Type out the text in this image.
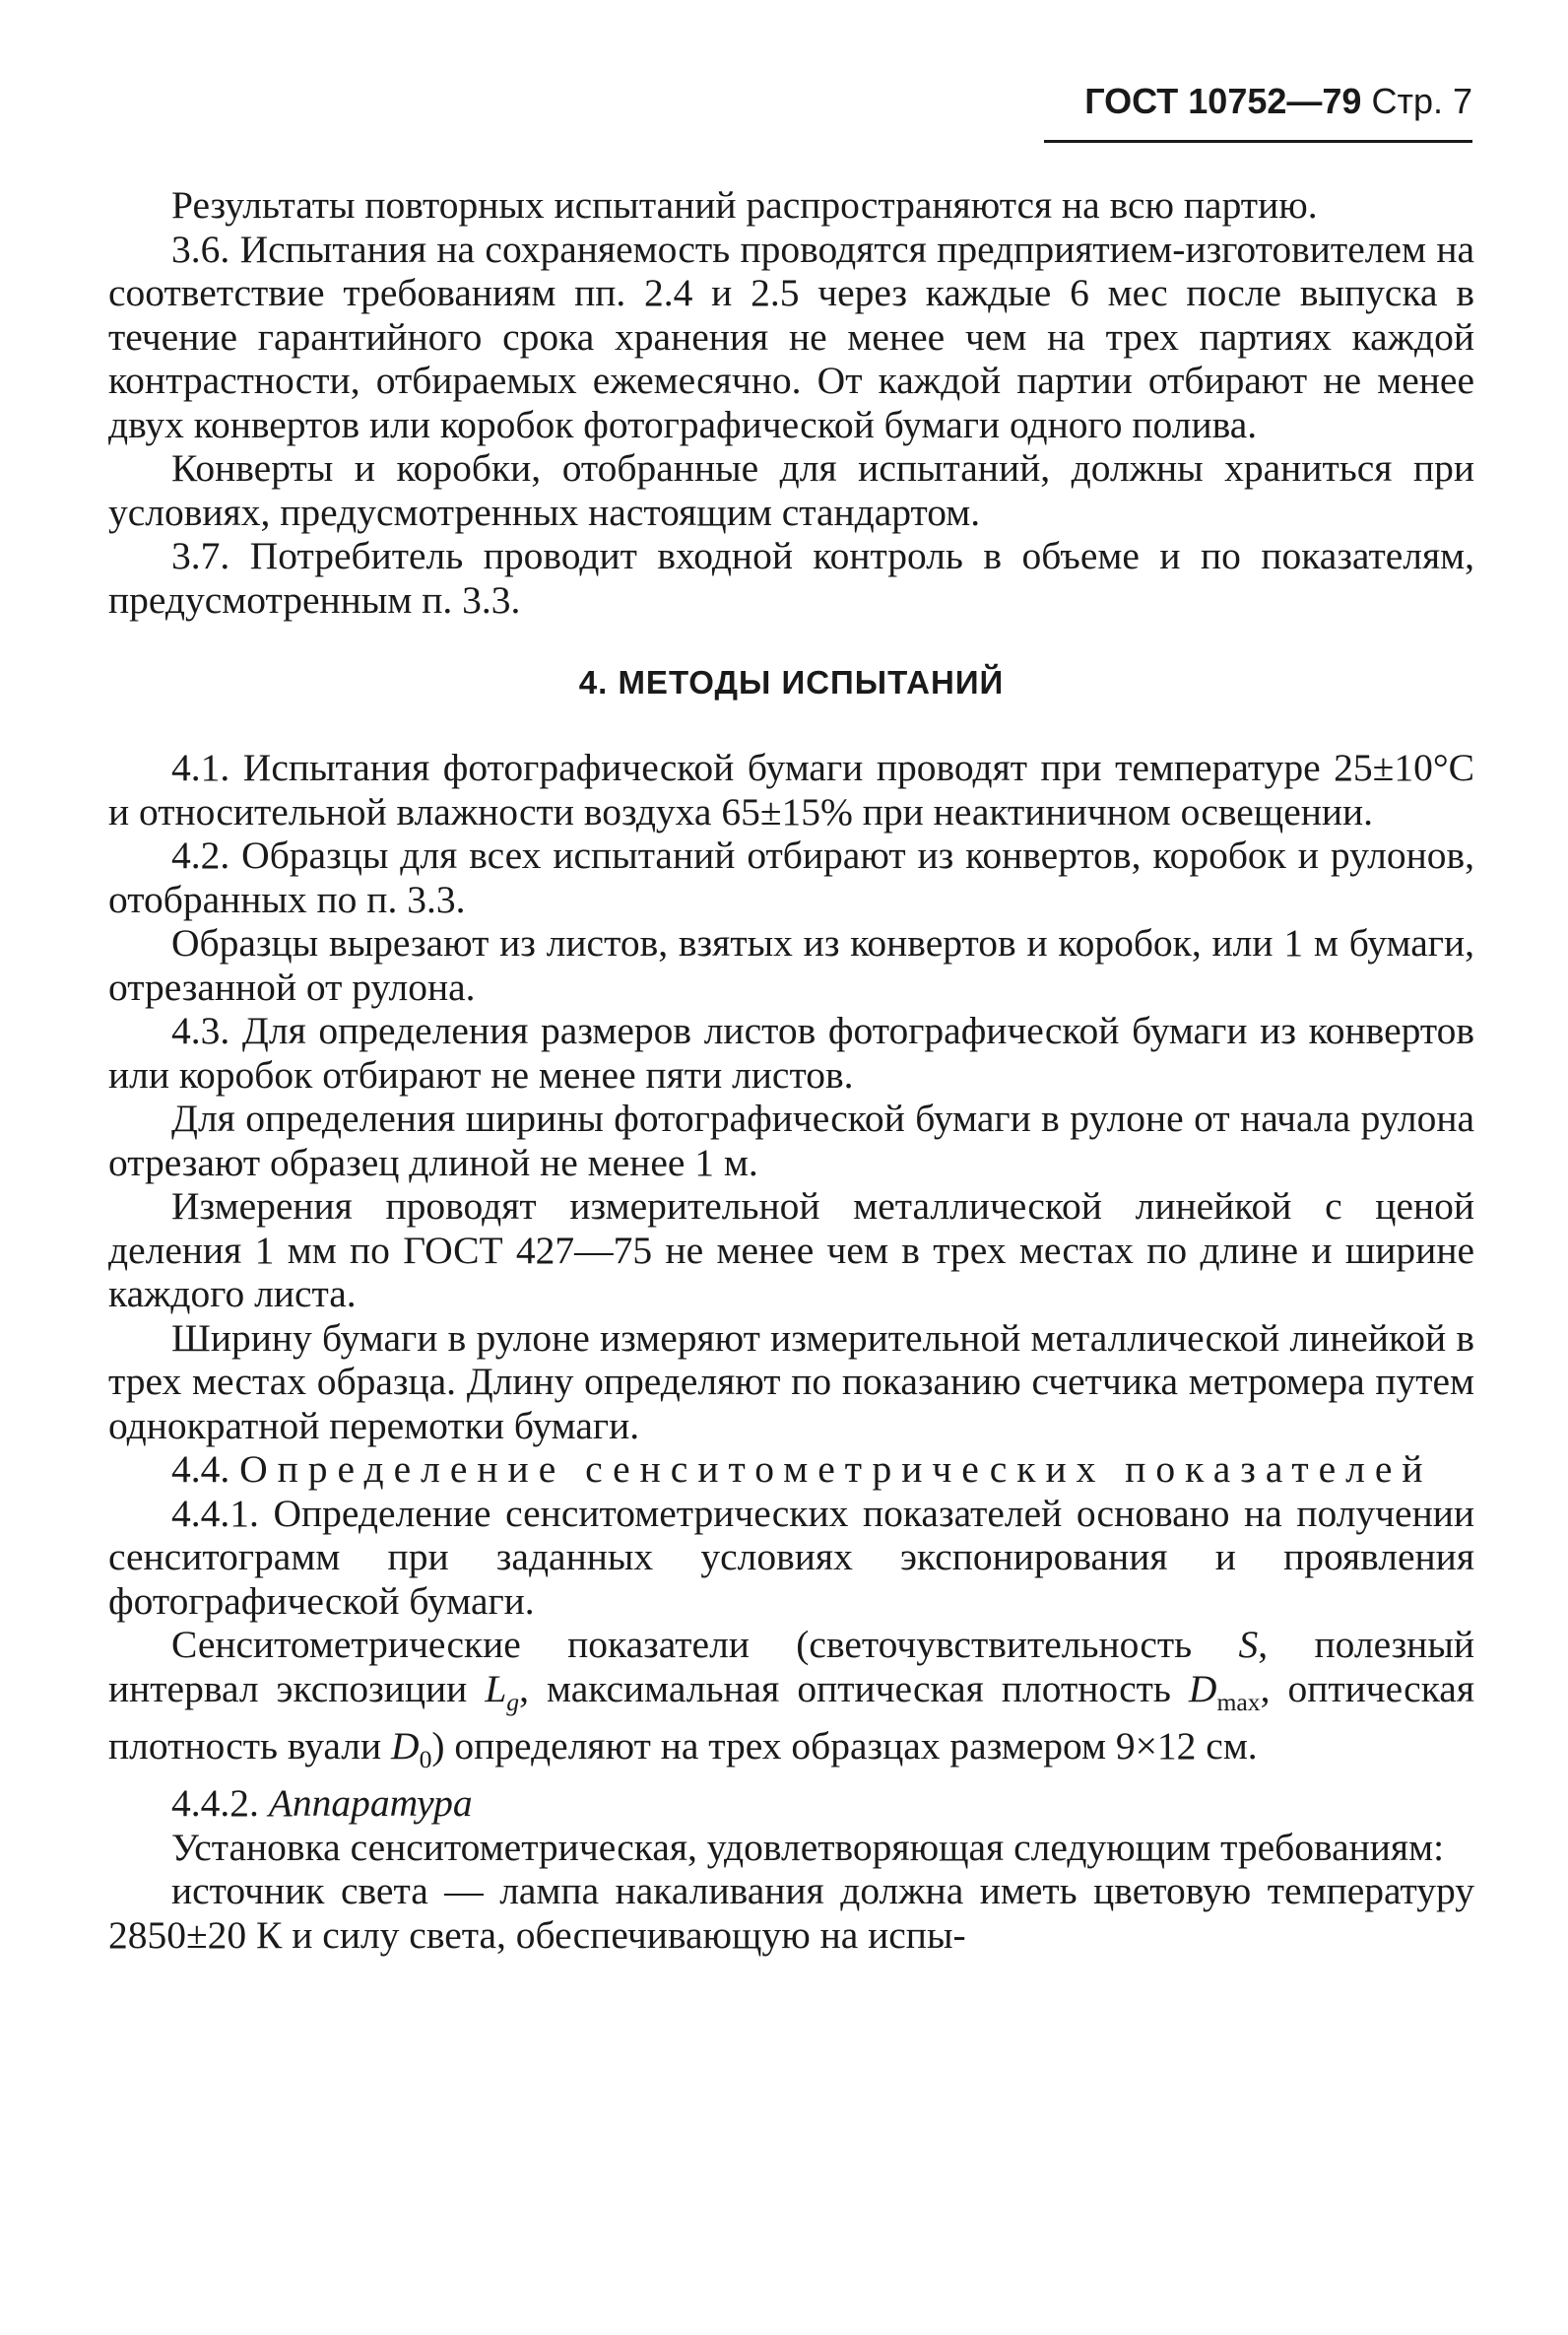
ГОСТ 10752—79 Стр. 7

Результаты повторных испытаний распространяются на всю партию.

3.6. Испытания на сохраняемость проводятся предприятием-изготовителем на соответствие требованиям пп. 2.4 и 2.5 через каждые 6 мес после выпуска в течение гарантийного срока хранения не менее чем на трех партиях каждой контрастности, отбираемых ежемесячно. От каждой партии отбирают не менее двух конвертов или коробок фотографической бумаги одного полива.

Конверты и коробки, отобранные для испытаний, должны храниться при условиях, предусмотренных настоящим стандартом.

3.7. Потребитель проводит входной контроль в объеме и по показателям, предусмотренным п. 3.3.

4. МЕТОДЫ ИСПЫТАНИЙ

4.1. Испытания фотографической бумаги проводят при температуре 25±10°С и относительной влажности воздуха 65±15% при неактиничном освещении.

4.2. Образцы для всех испытаний отбирают из конвертов, коробок и рулонов, отобранных по п. 3.3.

Образцы вырезают из листов, взятых из конвертов и коробок, или 1 м бумаги, отрезанной от рулона.

4.3. Для определения размеров листов фотографической бумаги из конвертов или коробок отбирают не менее пяти листов.

Для определения ширины фотографической бумаги в рулоне от начала рулона отрезают образец длиной не менее 1 м.

Измерения проводят измерительной металлической линейкой с ценой деления 1 мм по ГОСТ 427—75 не менее чем в трех местах по длине и ширине каждого листа.

Ширину бумаги в рулоне измеряют измерительной металлической линейкой в трех местах образца. Длину определяют по показанию счетчика метромера путем однократной перемотки бумаги.

4.4. Определение сенситометрических показателей

4.4.1. Определение сенситометрических показателей основано на получении сенситограмм при заданных условиях экспонирования и проявления фотографической бумаги.

Сенситометрические показатели (светочувствительность S, полезный интервал экспозиции $L_g$, максимальная оптическая плотность $D_{max}$, оптическая плотность вуали $D_0$) определяют на трех образцах размером 9×12 см.

4.4.2. Аппаратура

Установка сенситометрическая, удовлетворяющая следующим требованиям:

источник света — лампа накаливания должна иметь цветовую температуру 2850±20 К и силу света, обеспечивающую на испы-
